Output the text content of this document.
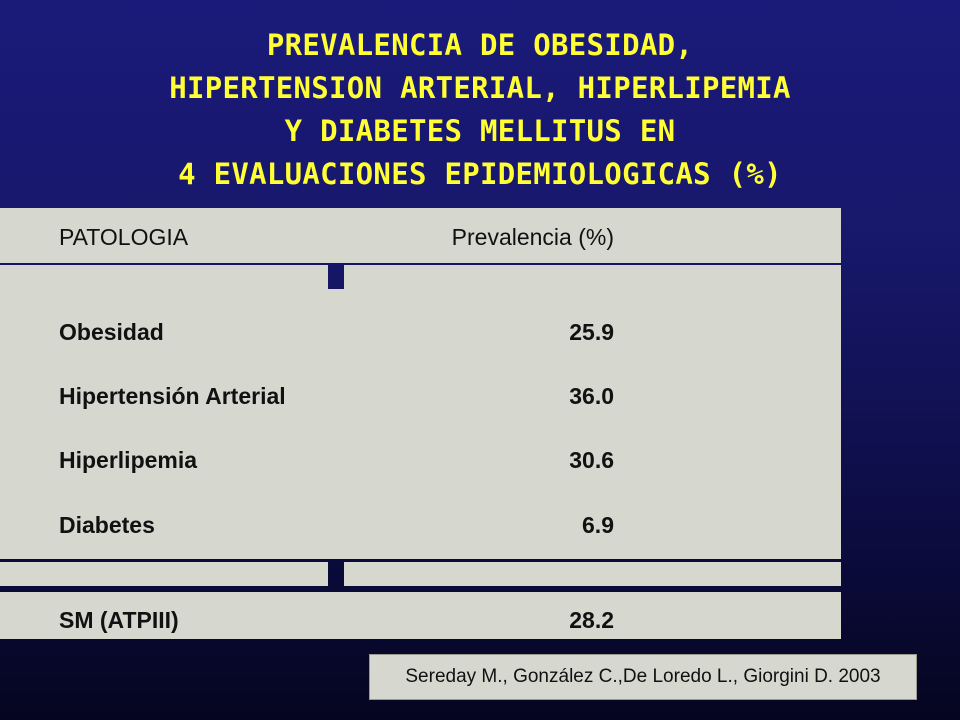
PREVALENCIA DE OBESIDAD,
HIPERTENSION ARTERIAL, HIPERLIPEMIA
Y DIABETES MELLITUS EN
4 EVALUACIONES EPIDEMIOLOGICAS (%)
PATOLOGIA	Prevalencia (%)
Obesidad	25.9
Hipertensión Arterial	36.0
Hiperlipemia	30.6
Diabetes	6.9
SM (ATPIII)	28.2
Sereday M., González C.,De Loredo L., Giorgini D. 2003
